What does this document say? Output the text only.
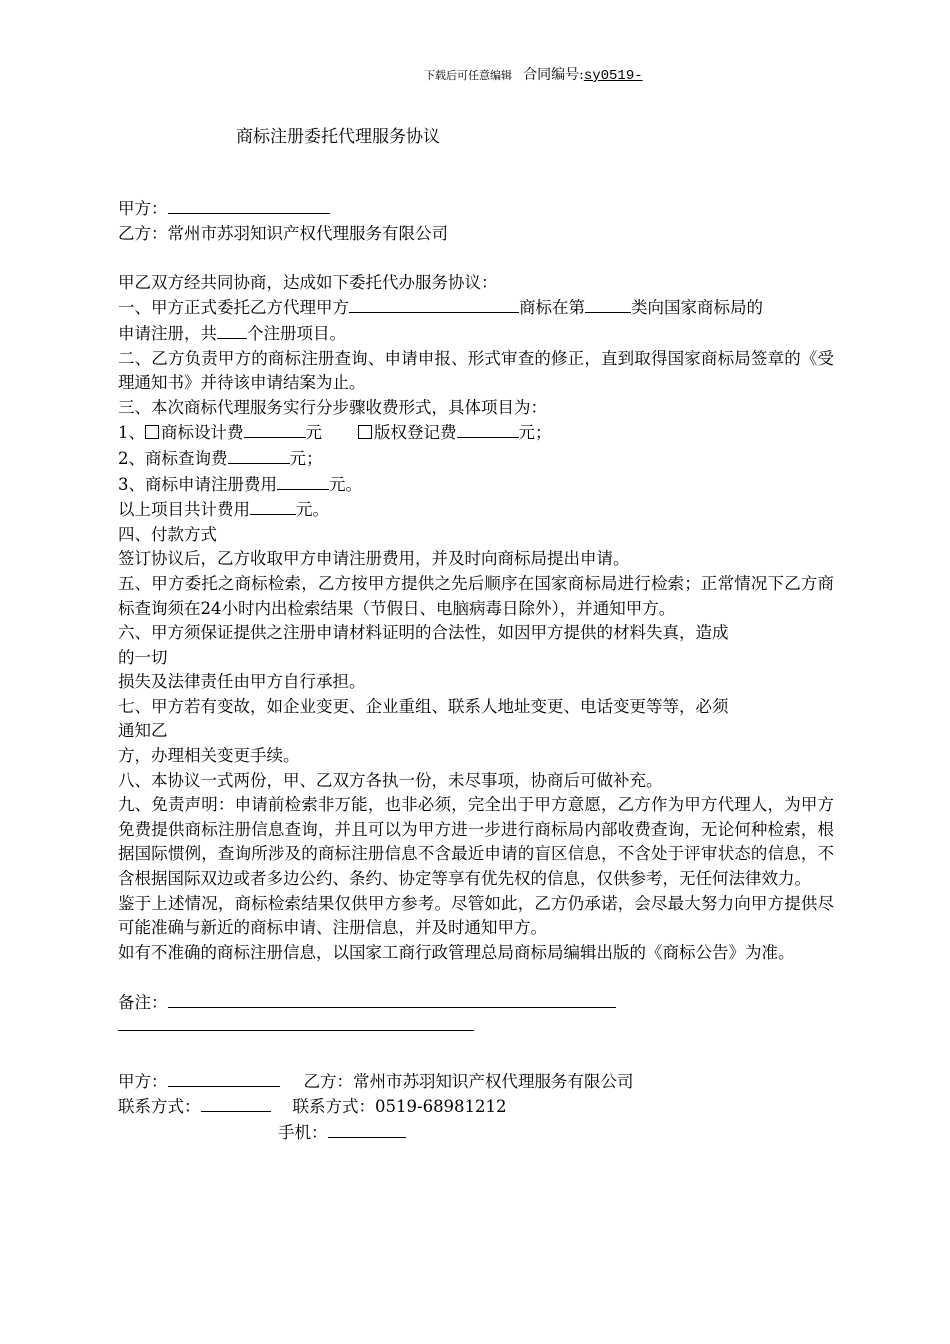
下载后可任意编辑 合同编号:sy0519-
商标注册委托代理服务协议
甲方：
乙方：常州市苏羽知识产权代理服务有限公司
甲乙双方经共同协商，达成如下委托代办服务协议：
一、甲方正式委托乙方代理甲方	商标在第	类向国家商标局的
申请注册，共 个注册项目。
二、乙方负责甲方的商标注册查询、申请申报、形式审查的修正，直到取得国家商标局签章的《受理通知书》并待该申请结案为止。
三、本次商标代理服务实行分步骤收费形式，具体项目为：
1、 商标设计费	元	版权登记费	元；
2、商标查询费	元；
3、商标申请注册费用	元。
以上项目共计费用	元。
四、付款方式
签订协议后，乙方收取甲方申请注册费用，并及时向商标局提出申请。
五、甲方委托之商标检索，乙方按甲方提供之先后顺序在国家商标局进行检索；正常情况下乙方商标查询须在24小时内出检索结果（节假日、电脑病毒日除外），并通知甲方。
六、甲方须保证提供之注册申请材料证明的合法性，如因甲方提供的材料失真，造成
的一切
损失及法律责任由甲方自行承担。
七、甲方若有变故，如企业变更、企业重组、联系人地址变更、电话变更等等，必须
通知乙
方，办理相关变更手续。
八、本协议一式两份，甲、乙双方各执一份，未尽事项，协商后可做补充。
九、免责声明：申请前检索非万能，也非必须，完全出于甲方意愿，乙方作为甲方代理人，为甲方免费提供商标注册信息查询，并且可以为甲方进一步进行商标局内部收费查询，无论何种检索，根据国际惯例，查询所涉及的商标注册信息不含最近申请的盲区信息，不含处于评审状态的信息，不含根据国际双边或者多边公约、条约、协定等享有优先权的信息，仅供参考，无任何法律效力。
鉴于上述情况，商标检索结果仅供甲方参考。尽管如此，乙方仍承诺，会尽最大努力向甲方提供尽可能准确与新近的商标申请、注册信息，并及时通知甲方。
如有不准确的商标注册信息，以国家工商行政管理总局商标局编辑出版的《商标公告》为准。
备注：
甲方：	乙方：常州市苏羽知识产权代理服务有限公司
联系方式：	联系方式：0519-68981212
手机：
